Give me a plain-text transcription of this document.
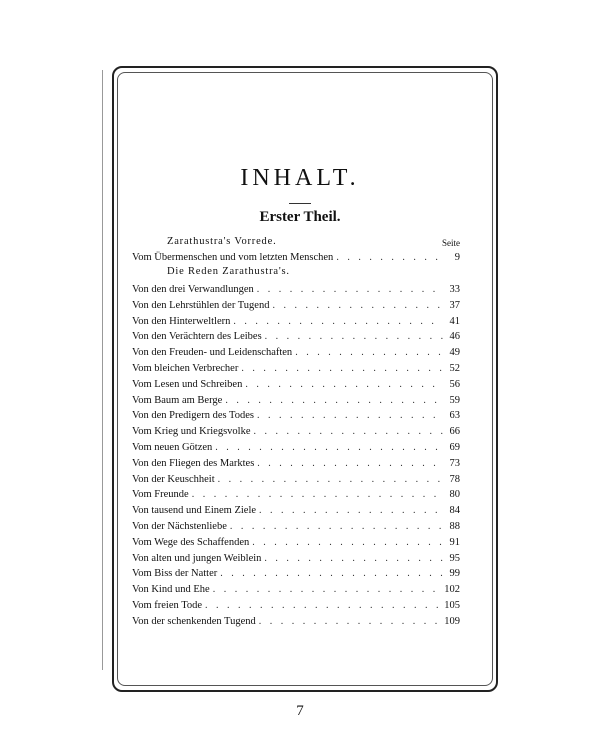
INHALT.
Erster Theil.
Seite
Zarathustra's Vorrede.
Vom Übermenschen und vom letzten Menschen . . .	9
Die Reden Zarathustra's.
Von den drei Verwandlungen . . .	33
Von den Lehrstühlen der Tugend . . .	37
Von den Hinterweltlern . . .	41
Von den Verächtern des Leibes . . .	46
Von den Freuden- und Leidenschaften . . .	49
Vom bleichen Verbrecher . . .	52
Vom Lesen und Schreiben . . .	56
Vom Baum am Berge . . .	59
Von den Predigern des Todes . . .	63
Vom Krieg und Kriegsvolke . . .	66
Vom neuen Götzen . . .	69
Von den Fliegen des Marktes . . .	73
Von der Keuschheit . . .	78
Vom Freunde . . .	80
Von tausend und Einem Ziele . . .	84
Von der Nächstenliebe . . .	88
Vom Wege des Schaffenden . . .	91
Von alten und jungen Weiblein . . .	95
Vom Biss der Natter . . .	99
Von Kind und Ehe . . .	102
Vom freien Tode . . .	105
Von der schenkenden Tugend . . .	109
7
